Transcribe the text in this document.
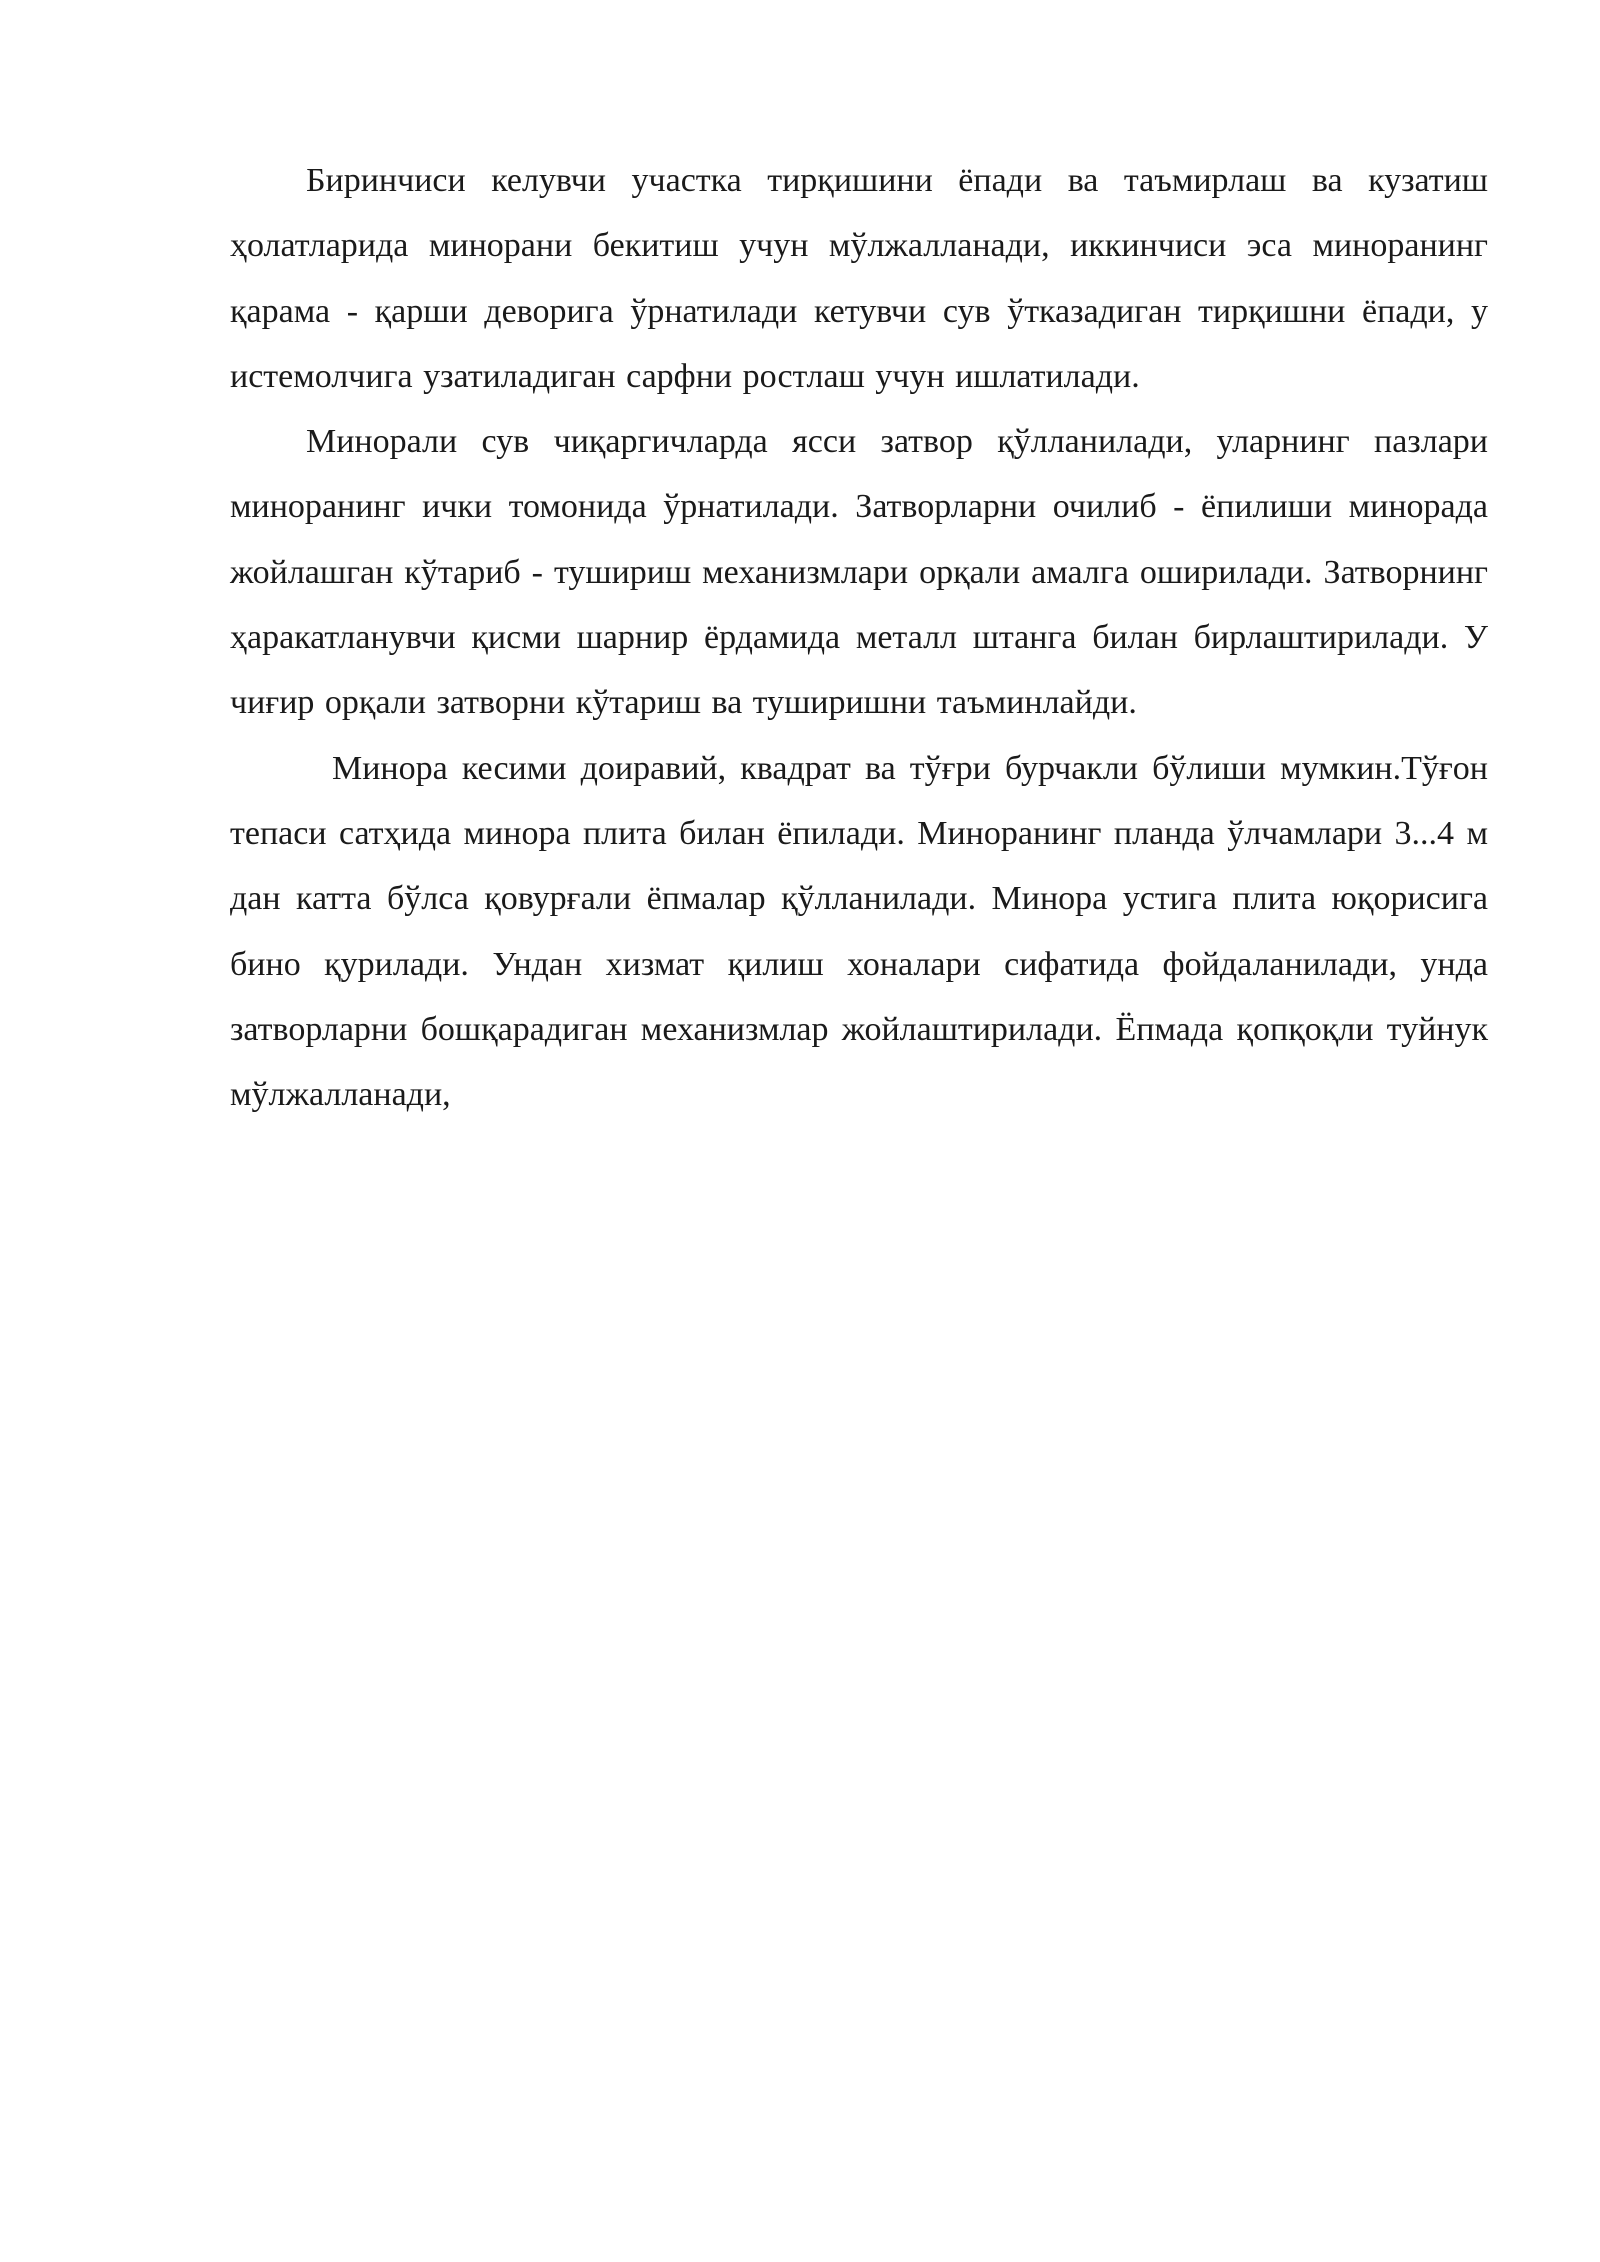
Биринчиси келувчи участка тирқишини ёпади ва таъмирлаш ва кузатиш ҳолатларида минорани бекитиш учун мўлжалланади, иккинчиси эса миноранинг қарама - қарши деворига ўрнатилади кетувчи сув ўтказадиган тирқишни ёпади, у истемолчига узатиладиган сарфни ростлаш учун ишлатилади.

Минорали сув чиқаргичларда ясси затвор қўлланилади, уларнинг пазлари миноранинг ички томонида ўрнатилади. Затворларни очилиб - ёпилиши минорада жойлашган кўтариб - тушириш механизмлари орқали амалга оширилади. Затворнинг ҳаракатланувчи қисми шарнир ёрдамида металл штанга билан бирлаштирилади. У чиғир орқали затворни кўтариш ва туширишни таъминлайди.

Минора кесими доиравий, квадрат ва тўғри бурчакли бўлиши мумкин.Тўғон тепаси сатҳида минора плита билан ёпилади. Миноранинг планда ўлчамлари 3...4 м дан катта бўлса қовурғали ёпмалар қўлланилади. Минора устига плита юқорисига бино қурилади. Ундан хизмат қилиш хоналари сифатида фойдаланилади, унда затворларни бошқарадиган механизмлар жойлаштирилади. Ёпмада қопқоқли туйнук мўлжалланади,
